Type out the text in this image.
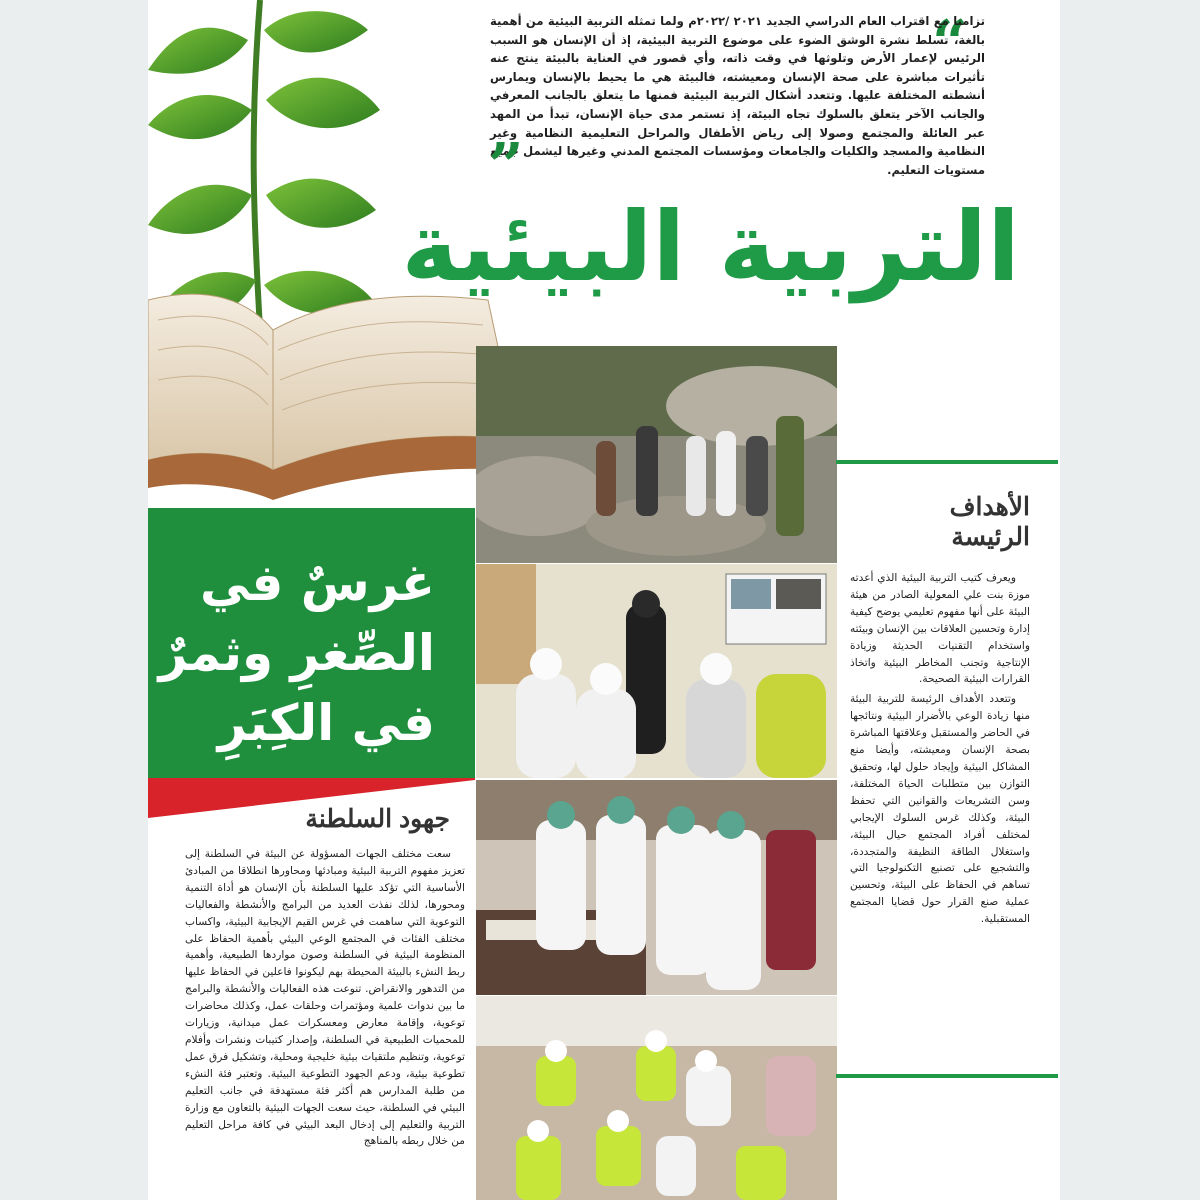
“

تزامنا مع اقتراب العام الدراسي الجديد ٢٠٢١ /٢٠٢٢م ولما تمثله التربية البيئية من أهمية بالغة، تسلط نشرة الوشق الضوء على موضوع التربية البيئية، إذ أن الإنسان هو السبب الرئيس لإعمار الأرض وتلوثها في وقت ذاته، وأي قصور في العناية بالبيئة ينتج عنه تأثيرات مباشرة على صحة الإنسان ومعيشته، فالبيئة هي ما يحيط بالإنسان ويمارس أنشطته المختلفة عليها. وتتعدد أشكال التربية البيئية فمنها ما يتعلق بالجانب المعرفي والجانب الآخر يتعلق بالسلوك تجاه البيئة، إذ تستمر مدى حياة الإنسان، تبدأ من المهد عبر العائلة والمجتمع وصولا إلى رياض الأطفال والمراحل التعليمية النظامية وغير النظامية والمسجد والكليات والجامعات ومؤسسات المجتمع المدني وغيرها ليشمل جميع مستويات التعليم.

”
التربية البيئية
غرسٌ في
الصِّغرِ وثمرٌ
في الكِبَرِ
جهود السلطنة

سعت مختلف الجهات المسؤولة عن البيئة في السلطنة إلى تعزيز مفهوم التربية البيئية ومبادئها ومحاورها انطلاقا من المبادئ الأساسية التي تؤكد عليها السلطنة بأن الإنسان هو أداة التنمية ومحورها، لذلك نفذت العديد من البرامج والأنشطة والفعاليات التوعوية التي ساهمت في غرس القيم الإيجابية البيئية، واكساب مختلف الفئات في المجتمع الوعي البيئي بأهمية الحفاظ على المنظومة البيئية في السلطنة وصون مواردها الطبيعية، وأهمية ربط النشء بالبيئة المحيطة بهم ليكونوا فاعلين في الحفاظ عليها من التدهور والانقراض. تنوعت هذه الفعاليات والأنشطة والبرامج ما بين ندوات علمية ومؤتمرات وحلقات عمل، وكذلك محاضرات توعوية، وإقامة معارض ومعسكرات عمل ميدانية، وزيارات للمحميات الطبيعية في السلطنة، وإصدار كتيبات ونشرات وأفلام توعوية، وتنظيم ملتقيات بيئية خليجية ومحلية، وتشكيل فرق عمل تطوعية بيئية، ودعم الجهود التطوعية البيئية. وتعتبر فئة النشء من طلبة المدارس هم أكثر فئة مستهدفة في جانب التعليم البيئي في السلطنة، حيث سعت الجهات البيئية بالتعاون مع وزارة التربية والتعليم إلى إدخال البعد البيئي في كافة مراحل التعليم من خلال ربطه بالمناهج

الأهداف
الرئيسة

ويعرف كتيب التربية البيئية الذي أعدته موزة بنت علي المعولية الصادر من هيئة البيئة على أنها مفهوم تعليمي يوضح كيفية إدارة وتحسين العلاقات بين الإنسان وبيئته واستخدام التقنيات الحديثة وزيادة الإنتاجية وتجنب المخاطر البيئية واتخاذ القرارات البيئية الصحيحة.

وتتعدد الأهداف الرئيسة للتربية البيئة منها زيادة الوعي بالأضرار البيئية ونتائجها في الحاضر والمستقبل وعلاقتها المباشرة بصحة الإنسان ومعيشته، وأيضا منع المشاكل البيئية وإيجاد حلول لها، وتحقيق التوازن بين متطلبات الحياة المختلفة، وسن التشريعات والقوانين التي تحفظ البيئة، وكذلك غرس السلوك الإيجابي لمختلف أفراد المجتمع حيال البيئة، واستغلال الطاقة النظيفة والمتجددة، والتشجيع على تصنيع التكنولوجيا التي تساهم في الحفاظ على البيئة، وتحسين عملية صنع القرار حول قضايا المجتمع المستقبلية.
